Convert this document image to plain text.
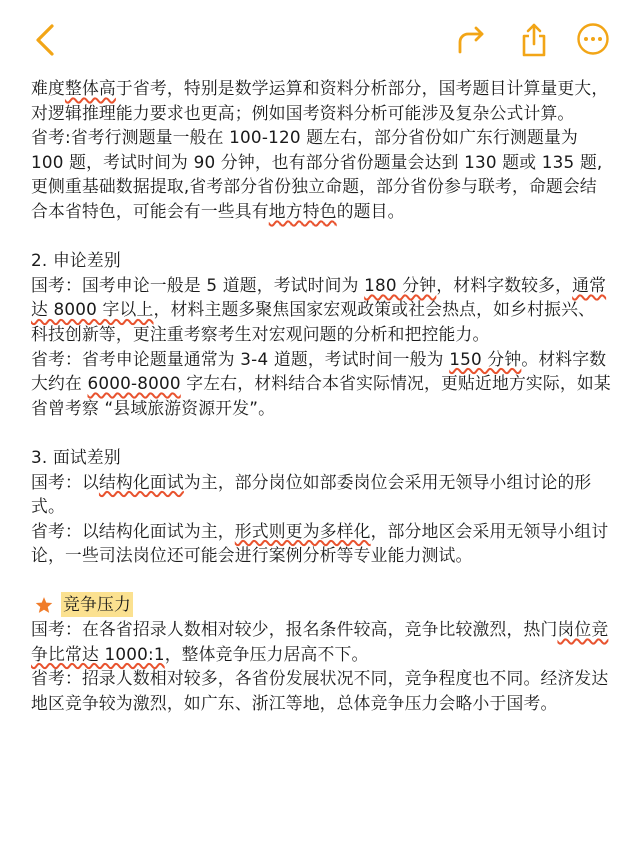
难度整体高于省考，特别是数学运算和资料分析部分，国考题目计算量更大，对逻辑推理能力要求也更高；例如国考资料分析可能涉及复杂公式计算。

省考:省考行测题量一般在 100-120 题左右，部分省份如广东行测题量为 100 题，考试时间为 90 分钟，也有部分省份题量会达到 130 题或 135 题,更侧重基础数据提取,省考部分省份独立命题，部分省份参与联考，命题会结合本省特色，可能会有一些具有地方特色的题目。

2. 申论差别

国考：国考申论一般是 5 道题，考试时间为 180 分钟，材料字数较多，通常达 8000 字以上，材料主题多聚焦国家宏观政策或社会热点，如乡村振兴、科技创新等，更注重考察考生对宏观问题的分析和把控能力。

省考：省考申论题量通常为 3-4 道题，考试时间一般为 150 分钟。材料字数大约在 6000-8000 字左右，材料结合本省实际情况，更贴近地方实际，如某省曾考察 “县域旅游资源开发”。

3. 面试差别

国考：以结构化面试为主，部分岗位如部委岗位会采用无领导小组讨论的形式。

省考：以结构化面试为主，形式则更为多样化，部分地区会采用无领导小组讨论，一些司法岗位还可能会进行案例分析等专业能力测试。

竞争压力

国考：在各省招录人数相对较少，报名条件较高，竞争比较激烈，热门岗位竞争比常达 1000:1，整体竞争压力居高不下。

省考：招录人数相对较多，各省份发展状况不同，竞争程度也不同。经济发达地区竞争较为激烈，如广东、浙江等地，总体竞争压力会略小于国考。
